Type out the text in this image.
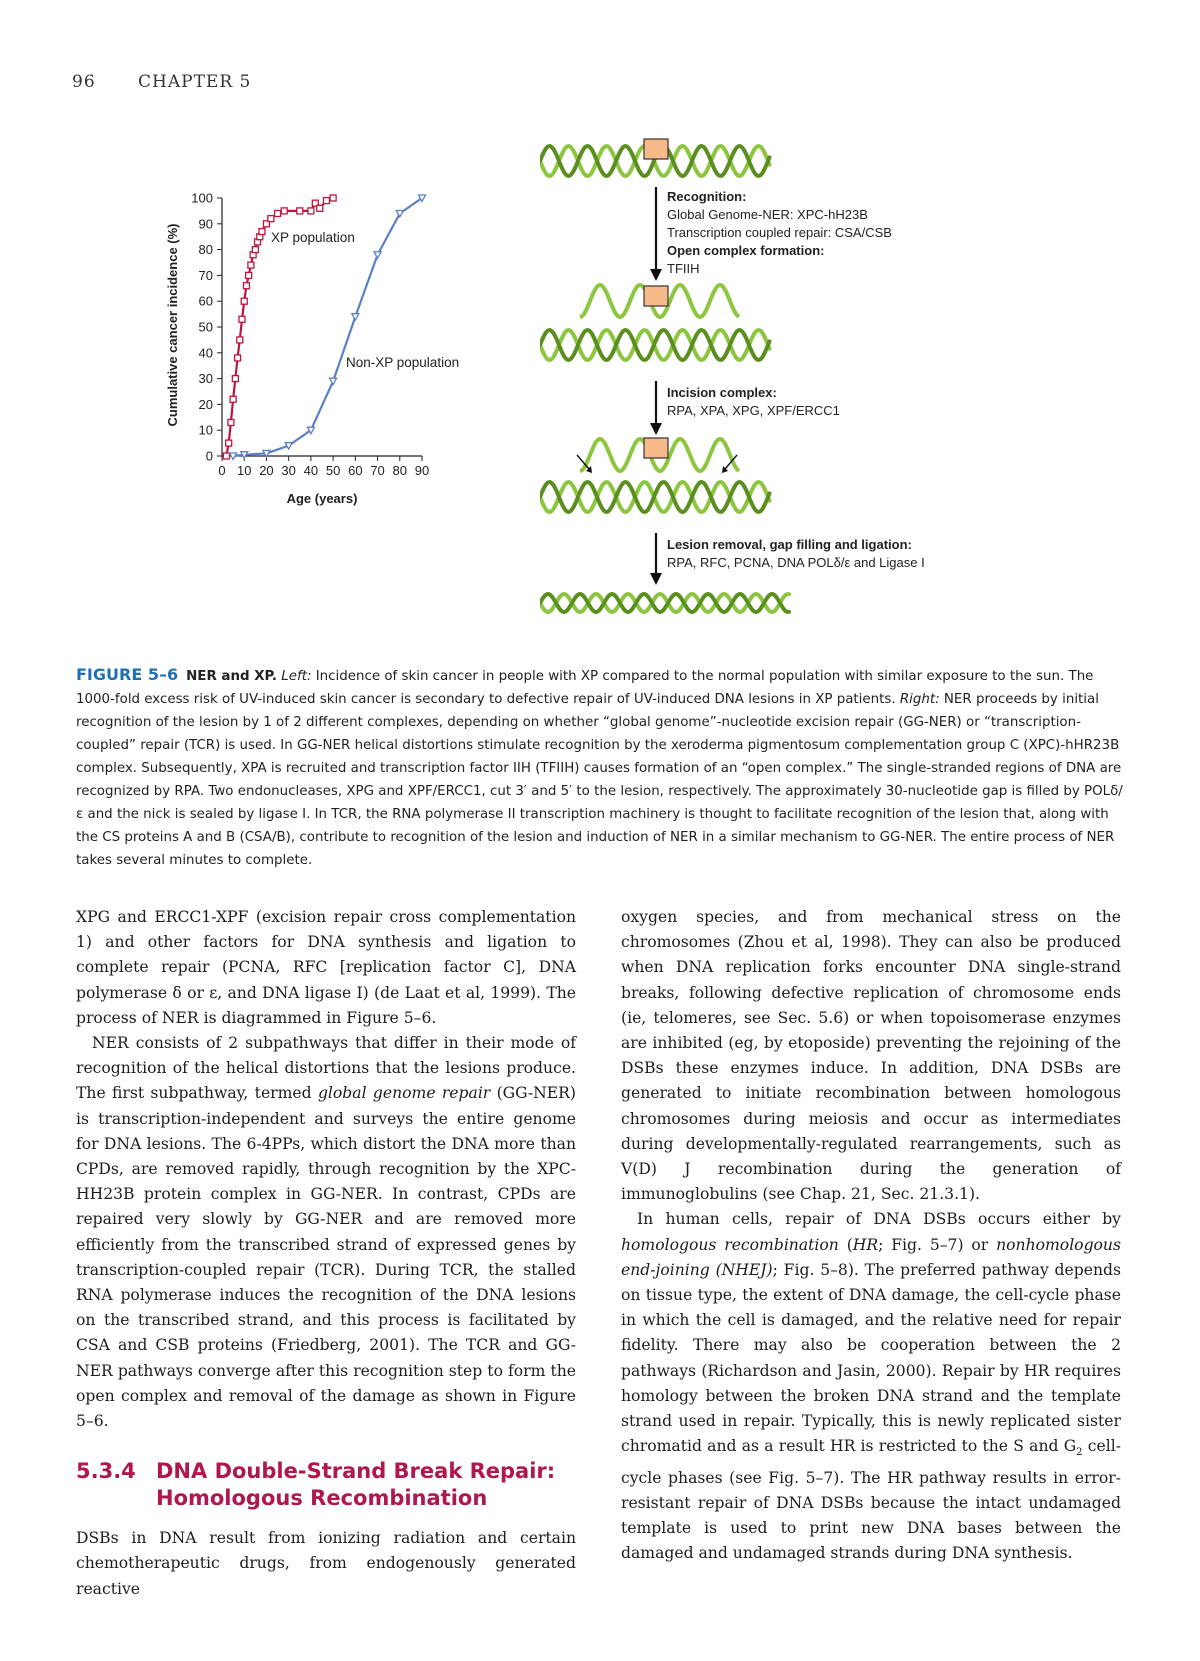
96 CHAPTER 5
0 10 20 30 40 50 60 70 80 90
0
10
20
30
40
50
60
70
80
90
100
Cumulative cancer incidence (%)
Age (years)
XP population
Non-XP population
Recognition:
Global Genome-NER: XPC-hH23B
Transcription coupled repair: CSA/CSB
Open complex formation:
TFIIH
Incision complex:
RPA, XPA, XPG, XPF/ERCC1
Lesion removal, gap filling and ligation:
RPA, RFC, PCNA, DNA POLδ/ε and Ligase I
FIGURE 5–6 NER and XP. Left: Incidence of skin cancer in people with XP compared to the normal population with similar exposure to the sun. The 1000-fold excess risk of UV-induced skin cancer is secondary to defective repair of UV-induced DNA lesions in XP patients. Right: NER proceeds by initial recognition of the lesion by 1 of 2 different complexes, depending on whether “global genome”-nucleotide excision repair (GG-NER) or “transcription-coupled” repair (TCR) is used. In GG-NER helical distortions stimulate recognition by the xeroderma pigmentosum complementation group C (XPC)-hHR23B complex. Subsequently, XPA is recruited and transcription factor IIH (TFIIH) causes formation of an “open complex.” The single-stranded regions of DNA are recognized by RPA. Two endonucleases, XPG and XPF/ERCC1, cut 3′ and 5′ to the lesion, respectively. The approximately 30-nucleotide gap is filled by POLδ/ε and the nick is sealed by ligase I. In TCR, the RNA polymerase II transcription machinery is thought to facilitate recognition of the lesion that, along with the CS proteins A and B (CSA/B), contribute to recognition of the lesion and induction of NER in a similar mechanism to GG-NER. The entire process of NER takes several minutes to complete.

XPG and ERCC1-XPF (excision repair cross complementation 1) and other factors for DNA synthesis and ligation to complete repair (PCNA, RFC [replication factor C], DNA polymerase δ or ε, and DNA ligase I) (de Laat et al, 1999). The process of NER is diagrammed in Figure 5–6.

NER consists of 2 subpathways that differ in their mode of recognition of the helical distortions that the lesions produce. The first subpathway, termed global genome repair (GG-NER) is transcription-independent and surveys the entire genome for DNA lesions. The 6-4PPs, which distort the DNA more than CPDs, are removed rapidly, through recognition by the XPC-HH23B protein complex in GG-NER. In contrast, CPDs are repaired very slowly by GG-NER and are removed more efficiently from the transcribed strand of expressed genes by transcription-coupled repair (TCR). During TCR, the stalled RNA polymerase induces the recognition of the DNA lesions on the transcribed strand, and this process is facilitated by CSA and CSB proteins (Friedberg, 2001). The TCR and GG-NER pathways converge after this recognition step to form the open complex and removal of the damage as shown in Figure 5–6.

5.3.4 DNA Double-Strand Break Repair:
Homologous Recombination

DSBs in DNA result from ionizing radiation and certain chemotherapeutic drugs, from endogenously generated reactive

oxygen species, and from mechanical stress on the chromosomes (Zhou et al, 1998). They can also be produced when DNA replication forks encounter DNA single-strand breaks, following defective replication of chromosome ends (ie, telomeres, see Sec. 5.6) or when topoisomerase enzymes are inhibited (eg, by etoposide) preventing the rejoining of the DSBs these enzymes induce. In addition, DNA DSBs are generated to initiate recombination between homologous chromosomes during meiosis and occur as intermediates during developmentally-regulated rearrangements, such as V(D) J recombination during the generation of immunoglobulins (see Chap. 21, Sec. 21.3.1).

In human cells, repair of DNA DSBs occurs either by homologous recombination (HR; Fig. 5–7) or nonhomologous end-joining (NHEJ); Fig. 5–8). The preferred pathway depends on tissue type, the extent of DNA damage, the cell-cycle phase in which the cell is damaged, and the relative need for repair fidelity. There may also be cooperation between the 2 pathways (Richardson and Jasin, 2000). Repair by HR requires homology between the broken DNA strand and the template strand used in repair. Typically, this is newly replicated sister chromatid and as a result HR is restricted to the S and $G_2$ cell-cycle phases (see Fig. 5–7). The HR pathway results in error-resistant repair of DNA DSBs because the intact undamaged template is used to print new DNA bases between the damaged and undamaged strands during DNA synthesis.
